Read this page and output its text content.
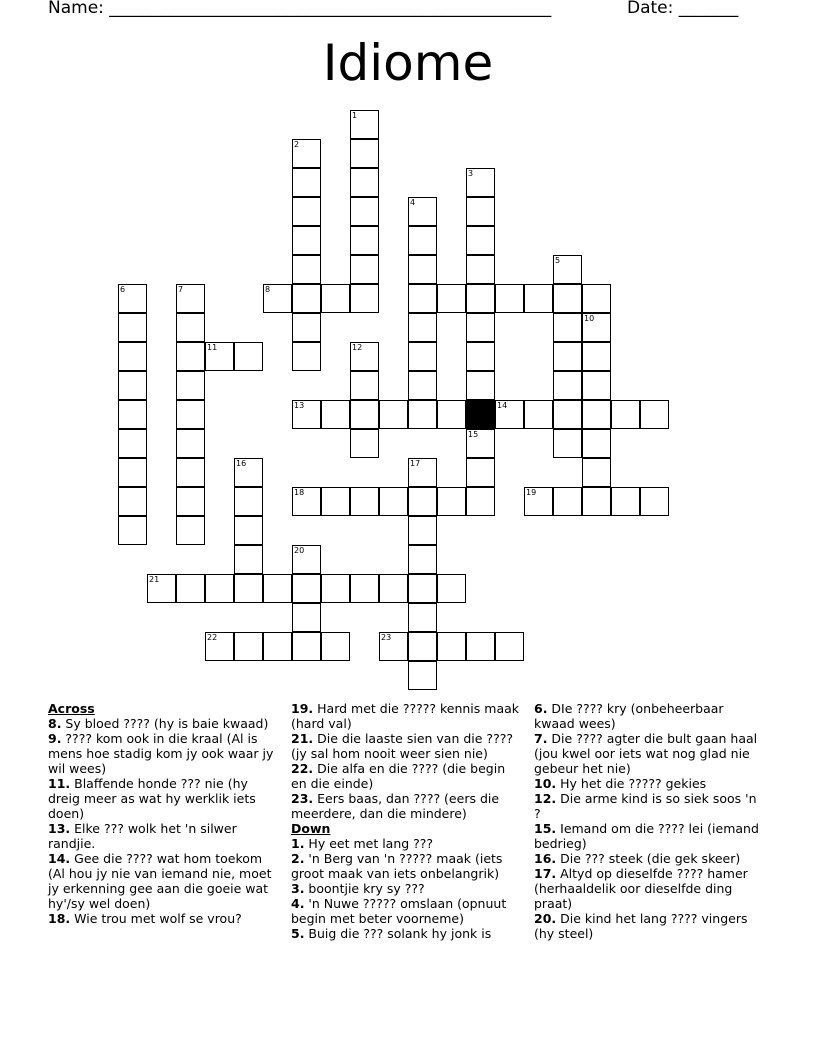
Name: ____________________________________________________	Date: _______
Idiome
1
2
3
4
5
6	7	8
10
11	12
13	14
15
16	17
18	19
20
21
22	23
Across
8. Sy bloed ???? (hy is baie kwaad)
9. ???? kom ook in die kraal (Al is mens hoe stadig kom jy ook waar jy wil wees)
11. Blaffende honde ??? nie (hy dreig meer as wat hy werklik iets doen)
13. Elke ??? wolk het 'n silwer randjie.
14. Gee die ???? wat hom toekom (Al hou jy nie van iemand nie, moet jy erkenning gee aan die goeie wat hy'/sy wel doen)
18. Wie trou met wolf se vrou?
19. Hard met die ????? kennis maak (hard val)
21. Die die laaste sien van die ???? (jy sal hom nooit weer sien nie)
22. Die alfa en die ???? (die begin en die einde)
23. Eers baas, dan ???? (eers die meerdere, dan die mindere)
Down
1. Hy eet met lang ???
2. 'n Berg van 'n ????? maak (iets groot maak van iets onbelangrik)
3. boontjie kry sy ???
4. 'n Nuwe ????? omslaan (opnuut begin met beter voorneme)
5. Buig die ??? solank hy jonk is
6. DIe ???? kry (onbeheerbaar kwaad wees)
7. Die ???? agter die bult gaan haal (jou kwel oor iets wat nog glad nie gebeur het nie)
10. Hy het die ????? gekies
12. Die arme kind is so siek soos 'n ?
15. Iemand om die ???? lei (iemand bedrieg)
16. Die ??? steek (die gek skeer)
17. Altyd op dieselfde ???? hamer (herhaaldelik oor dieselfde ding praat)
20. Die kind het lang ???? vingers (hy steel)
